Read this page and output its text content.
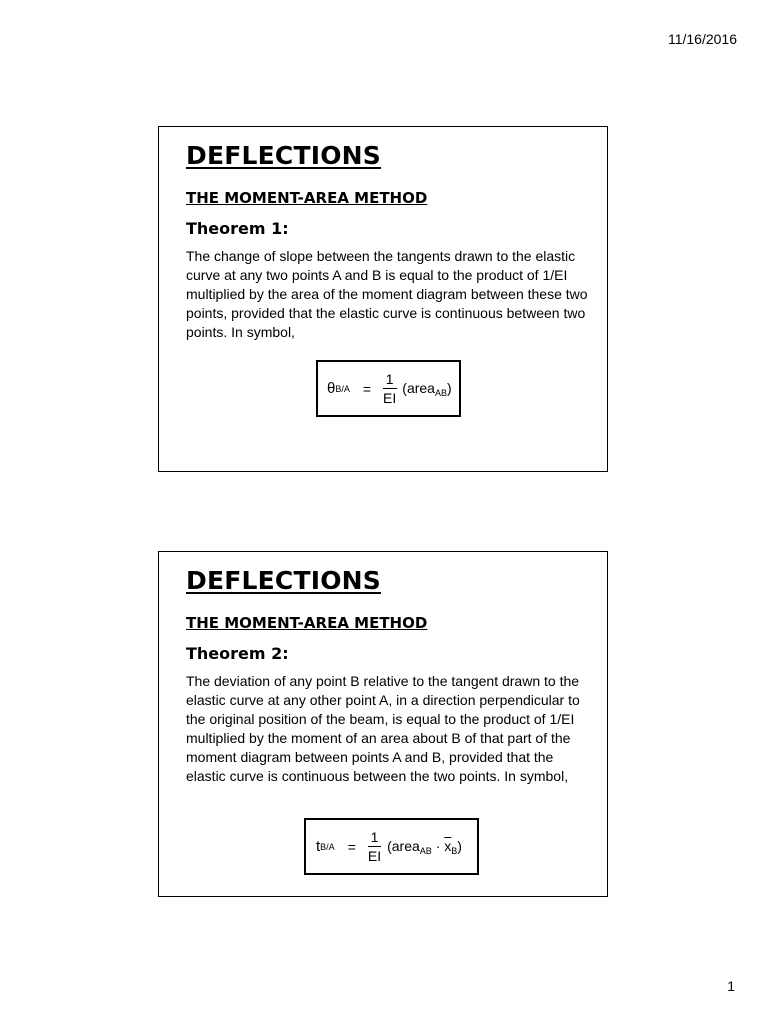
11/16/2016
DEFLECTIONS
THE MOMENT-AREA METHOD
Theorem 1:

The change of slope between the tangents drawn to the elastic curve at any two points A and B is equal to the product of 1/EI multiplied by the area of the moment diagram between these two points, provided that the elastic curve is continuous between two points. In symbol,

θ $B/A = \frac{1}{EI}$ (area$_{AB}$)
DEFLECTIONS
THE MOMENT-AREA METHOD
Theorem 2:

The deviation of any point B relative to the tangent drawn to the elastic curve at any other point A, in a direction perpendicular to the original position of the beam, is equal to the product of 1/EI multiplied by the moment of an area about B of that part of the moment diagram between points A and B, provided that the elastic curve is continuous between the two points. In symbol,

t $B/A = \frac{1}{EI}$ (area$_{AB}$ · $\overline{x}_B$)
1
